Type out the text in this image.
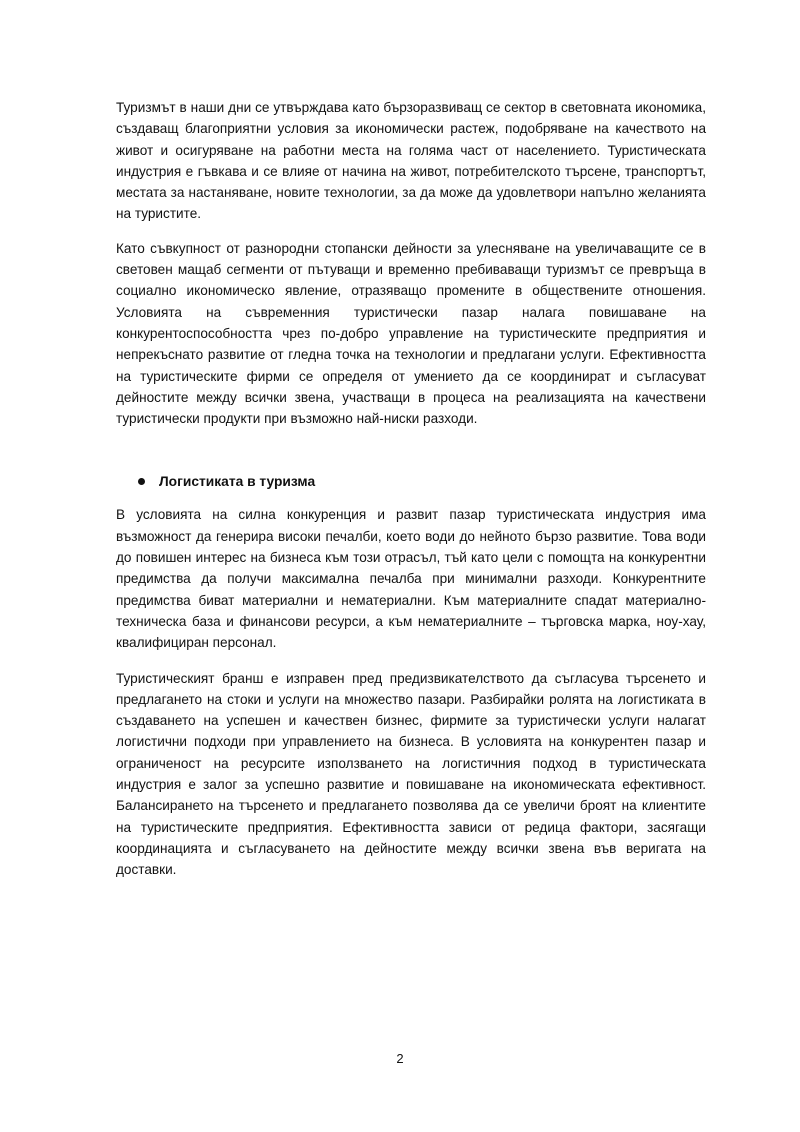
Туризмът в наши дни се утвърждава като бързоразвиващ се сектор в световната икономика, създаващ благоприятни условия за икономически растеж, подобряване на качеството на живот и осигуряване на работни места на голяма част от населението. Туристическата индустрия е гъвкава и се влияе от начина на живот, потребителското търсене, транспортът, местата за настаняване, новите технологии, за да може да удовлетвори напълно желанията на туристите.

Като съвкупност от разнородни стопански дейности за улесняване на увеличаващите се в световен мащаб сегменти от пътуващи и временно пребиваващи туризмът се превръща в социално икономическо явление, отразяващо промените в обществените отношения. Условията на съвременния туристически пазар налага повишаване на конкурентоспособността чрез по-добро управление на туристическите предприятия и непрекъснато развитие от гледна точка на технологии и предлагани услуги. Ефективността на туристическите фирми се определя от умението да се координират и съгласуват дейностите между всички звена, участващи в процеса на реализацията на качествени туристически продукти при възможно най-ниски разходи.

Логистиката в туризма

В условията на силна конкуренция и развит пазар туристическата индустрия има възможност да генерира високи печалби, което води до нейното бързо развитие. Това води до повишен интерес на бизнеса към този отрасъл, тъй като цели с помощта на конкурентни предимства да получи максимална печалба при минимални разходи. Конкурентните предимства биват материални и нематериални. Към материалните спадат материално-техническа база и финансови ресурси, а към нематериалните – търговска марка, ноу-хау, квалифициран персонал.

Туристическият бранш е изправен пред предизвикателството да съгласува търсенето и предлагането на стоки и услуги на множество пазари. Разбирайки ролята на логистиката в създаването на успешен и качествен бизнес, фирмите за туристически услуги налагат логистични подходи при управлението на бизнеса. В условията на конкурентен пазар и ограниченост на ресурсите използването на логистичния подход в туристическата индустрия е залог за успешно развитие и повишаване на икономическата ефективност. Балансирането на търсенето и предлагането позволява да се увеличи броят на клиентите на туристическите предприятия. Ефективността зависи от редица фактори, засягащи координацията и съгласуването на дейностите между всички звена във веригата на доставки.

2
